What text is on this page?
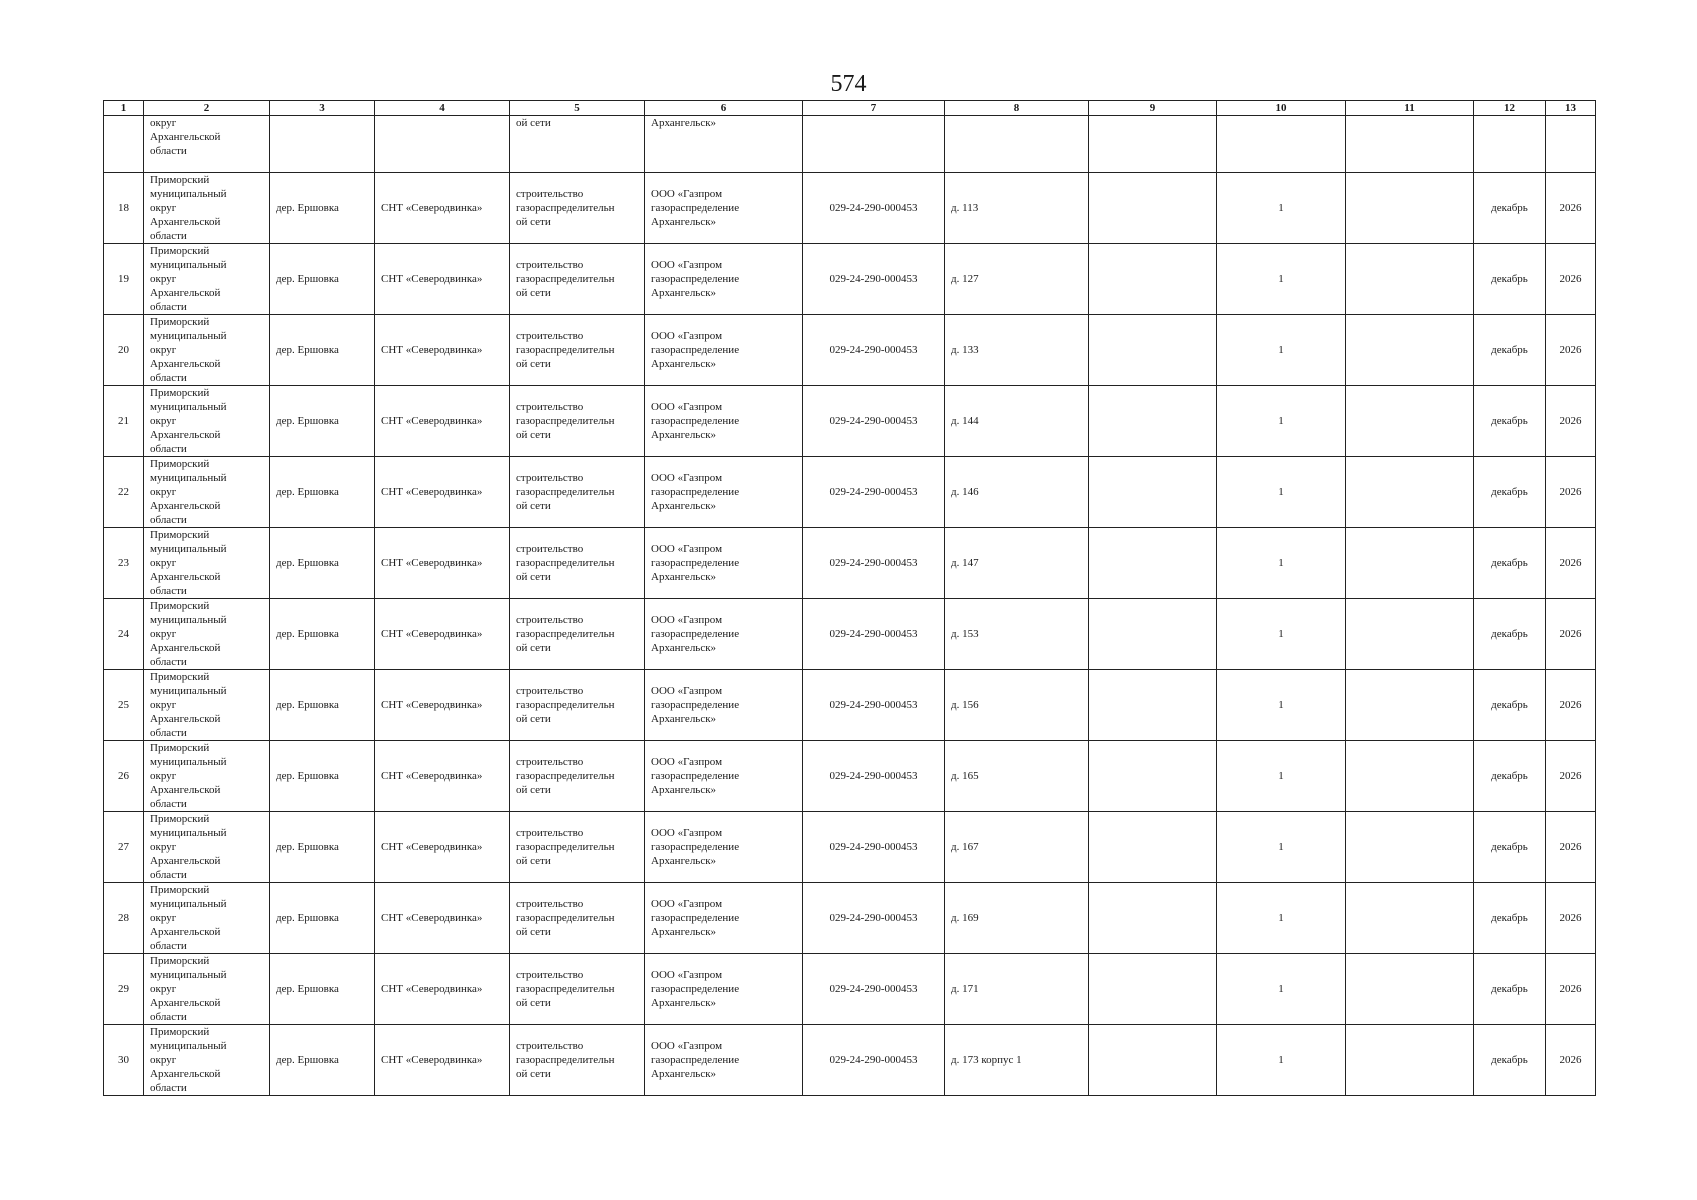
574
1	2	3	4	5	6	7	8	9	10	11	12	13
	округ
Архангельской
области			ой сети	Архангельск»							
18	Приморский
муниципальный
округ
Архангельской
области	дер. Ершовка	СНТ «Северодвинка»	строительство
газораспределительн
ой сети	ООО «Газпром
газораспределение
Архангельск»	029-24-290-000453	д. 113		1		декабрь	2026
19	Приморский
муниципальный
округ
Архангельской
области	дер. Ершовка	СНТ «Северодвинка»	строительство
газораспределительн
ой сети	ООО «Газпром
газораспределение
Архангельск»	029-24-290-000453	д. 127		1		декабрь	2026
20	Приморский
муниципальный
округ
Архангельской
области	дер. Ершовка	СНТ «Северодвинка»	строительство
газораспределительн
ой сети	ООО «Газпром
газораспределение
Архангельск»	029-24-290-000453	д. 133		1		декабрь	2026
21	Приморский
муниципальный
округ
Архангельской
области	дер. Ершовка	СНТ «Северодвинка»	строительство
газораспределительн
ой сети	ООО «Газпром
газораспределение
Архангельск»	029-24-290-000453	д. 144		1		декабрь	2026
22	Приморский
муниципальный
округ
Архангельской
области	дер. Ершовка	СНТ «Северодвинка»	строительство
газораспределительн
ой сети	ООО «Газпром
газораспределение
Архангельск»	029-24-290-000453	д. 146		1		декабрь	2026
23	Приморский
муниципальный
округ
Архангельской
области	дер. Ершовка	СНТ «Северодвинка»	строительство
газораспределительн
ой сети	ООО «Газпром
газораспределение
Архангельск»	029-24-290-000453	д. 147		1		декабрь	2026
24	Приморский
муниципальный
округ
Архангельской
области	дер. Ершовка	СНТ «Северодвинка»	строительство
газораспределительн
ой сети	ООО «Газпром
газораспределение
Архангельск»	029-24-290-000453	д. 153		1		декабрь	2026
25	Приморский
муниципальный
округ
Архангельской
области	дер. Ершовка	СНТ «Северодвинка»	строительство
газораспределительн
ой сети	ООО «Газпром
газораспределение
Архангельск»	029-24-290-000453	д. 156		1		декабрь	2026
26	Приморский
муниципальный
округ
Архангельской
области	дер. Ершовка	СНТ «Северодвинка»	строительство
газораспределительн
ой сети	ООО «Газпром
газораспределение
Архангельск»	029-24-290-000453	д. 165		1		декабрь	2026
27	Приморский
муниципальный
округ
Архангельской
области	дер. Ершовка	СНТ «Северодвинка»	строительство
газораспределительн
ой сети	ООО «Газпром
газораспределение
Архангельск»	029-24-290-000453	д. 167		1		декабрь	2026
28	Приморский
муниципальный
округ
Архангельской
области	дер. Ершовка	СНТ «Северодвинка»	строительство
газораспределительн
ой сети	ООО «Газпром
газораспределение
Архангельск»	029-24-290-000453	д. 169		1		декабрь	2026
29	Приморский
муниципальный
округ
Архангельской
области	дер. Ершовка	СНТ «Северодвинка»	строительство
газораспределительн
ой сети	ООО «Газпром
газораспределение
Архангельск»	029-24-290-000453	д. 171		1		декабрь	2026
30	Приморский
муниципальный
округ
Архангельской
области	дер. Ершовка	СНТ «Северодвинка»	строительство
газораспределительн
ой сети	ООО «Газпром
газораспределение
Архангельск»	029-24-290-000453	д. 173 корпус 1		1		декабрь	2026
